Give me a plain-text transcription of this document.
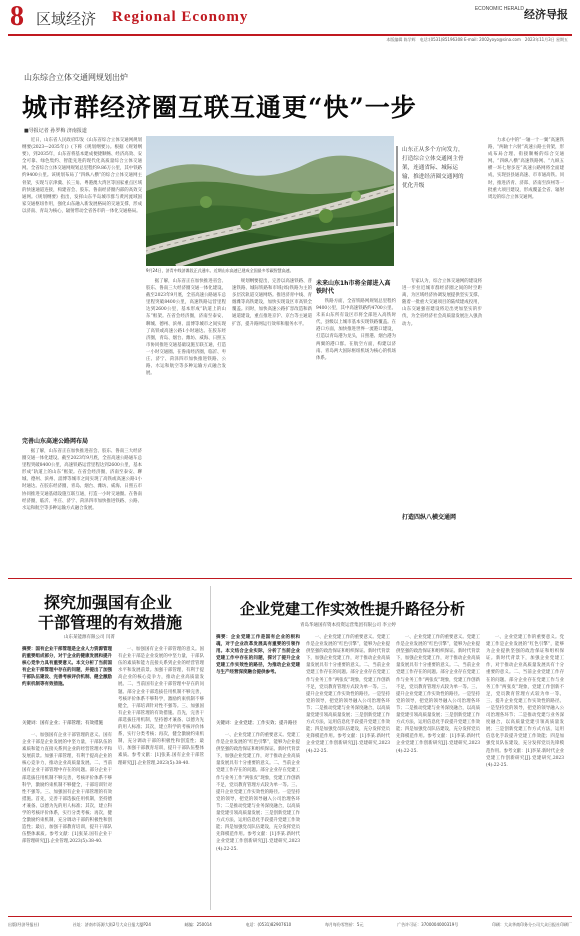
8 区域经济 Regional Economy	ECONOMIC HERALD 经济导报
本版编辑 陈学辉　电话:(0531)85196308 E-mail: 2002yoyo@sina.com　2023年11月3日 星期五
山东综合立体交通网规划出炉
城市群经济圈互联互通更“快”一步
■导报记者 孙罗梅 济南报道

近日，山东省人民政府印发《山东省综合立体交通网规划纲要(2023—2035年)》(下称《规划纲要》)。根据《规划纲要》，到2035年，山东省将基本建成便捷顺畅、经济高效、安全可靠、绿色集约、智能先进的现代化高质量综合立体交通网。全省综合立体交通网规划总里程约9.86万公里，其中铁路约9400公里。该规划布局了“四纵八横”的综合立体交通网主骨架，实现与京津冀、长三角、粤港澳大湾区等国家重点区域的快速通道连接，构建省会、胶东、鲁南经济圈内部的高效交通网。《规划纲要》指出，发挥山东半岛城市群与黄河流域国家交通枢纽作用，强化山东融入新发展格局的交通支撑，形成以济南、青岛为核心，辐射带动全省各市的一体化交通格局。

9月24日，济青中线济潍段正式通车。近期山东高速已建成全国最多零碳智慧高速。
山东正从多个方向发力，打造综合立体交通网主骨架，连通省际、城际运输，推进经济圈交通网的优化升级

据了解，山东省正在加快推进省会、胶东、鲁南三大经济圈交通一体化建设。截至2023年9月底，全省高速公路通车总里程突破8400公里，高速铁路运营里程达到2600公里，基本形成“轨道上的山东”框架。在省会经济圈，济南至泰安、聊城、德州、滨州、淄博等城市之间实现了高铁或高速公路1小时通达。在胶东经济圈，青岛、烟台、潍坊、威海、日照五市协同推进交通基础设施互联互通，打造一小时交通圈。在鲁南经济圈，临沂、枣庄、济宁、菏泽四市加快推进铁路、公路、水运和航空等多种运输方式融合发展。

规划纲要提出，完善以高速铁路、普速铁路、城际铁路和市域(郊)铁路为主的多层次轨道交通网络。推进济青中线、青烟潍等高铁建设，加快实现设区市高铁全覆盖。同时，加快高速公路扩容改造和新通道建设，重点推进京沪、京台等主通道扩容，提升路网运行效率和服务水平。

未来山东1h市将全部进入高铁时代

铁路方面，全省铁路网规划总里程约9400公里，其中高速铁路约4700公里。未来山东所有设区市将全部进入高铁时代，县级以上城市基本实现铁路覆盖。在港口方面，加快推进世界一流港口建设，打造以青岛港为龙头，日照港、烟台港为两翼的港口群。在航空方面，构建以济南、青岛两大国际枢纽机场为核心的机场体系。

专家认为，综合立体交通网的建设将进一步拉近城市群经济圈之间的时空距离，为区域经济协调发展提供坚实支撑。随着一批重大交通项目的陆续建成投用，山东交通强省建设将迈出更加坚实的步伐，为全省经济社会高质量发展注入强劲动力。

打造四纵八横交通网

力求心中的“一轴一十一翼”高速铁路，“两轴十六射”高速公路主骨架，形成布局合理、衔接顺畅的综合交通网。“四纵八横”高速铁路网、“九纵五横一环七射多连”高速公路网将全面建成，实现县县通高速、市市通高铁。同时，推进济青、济郑、济南至滨州等一批重大项目建设，形成覆盖全省、辐射周边的综合立体交通网。

完善山东高速公路网布局

据了解，山东省正在加快推进省会、胶东、鲁南三大经济圈交通一体化建设。截至2023年9月底，全省高速公路通车总里程突破8400公里，高速铁路运营里程达到2600公里，基本形成“轨道上的山东”框架。在省会经济圈，济南至泰安、聊城、德州、滨州、淄博等城市之间实现了高铁或高速公路1小时通达。在胶东经济圈，青岛、烟台、潍坊、威海、日照五市协同推进交通基础设施互联互通，打造一小时交通圈。在鲁南经济圈，临沂、枣庄、济宁、菏泽四市加快推进铁路、公路、水运和航空等多种运输方式融合发展。

探究加强国有企业
干部管理的有效措施
山东某能源有限公司 闫菁
摘要：国有企业干部管理是企业人力资源管理的重要组成部分，对于企业的健康发展和提升核心竞争力具有重要意义。本文分析了当前国有企业干部管理中存在的问题，并提出了加强干部队伍建设、完善考核评价机制、健全激励约束机制等有效措施。
关键词：国有企业；干部管理；有效措施

一、加强国有企业干部管理的意义。国有企业干部是企业发展的中坚力量，干部队伍的素质和能力直接关系到企业的经营管理水平和发展前景。加强干部管理，有利于提高企业的核心竞争力，推动企业高质量发展。二、当前国有企业干部管理中存在的问题。部分企业干部选拔任用机制不够完善，考核评价体系不够科学，激励约束机制不够健全，干部培训针对性不强等。三、加强国有企业干部管理的有效措施。首先，完善干部选拔任用机制，坚持德才兼备、以德为先的用人标准；其次，建立科学的考核评价体系，实行分类考核；再次，健全激励约束机制，充分调动干部的积极性和创造性；最后，加强干部教育培训，提升干部队伍整体素质。参考文献：[1]张某.国有企业干部管理研究[J].企业管理,2023(5):38-40.

一、加强国有企业干部管理的意义。国有企业干部是企业发展的中坚力量，干部队伍的素质和能力直接关系到企业的经营管理水平和发展前景。加强干部管理，有利于提高企业的核心竞争力，推动企业高质量发展。二、当前国有企业干部管理中存在的问题。部分企业干部选拔任用机制不够完善，考核评价体系不够科学，激励约束机制不够健全，干部培训针对性不强等。三、加强国有企业干部管理的有效措施。首先，完善干部选拔任用机制，坚持德才兼备、以德为先的用人标准；其次，建立科学的考核评价体系，实行分类考核；再次，健全激励约束机制，充分调动干部的积极性和创造性；最后，加强干部教育培训，提升干部队伍整体素质。参考文献：[1]张某.国有企业干部管理研究[J].企业管理,2023(5):38-40.

企业党建工作实效性提升路径分析
青岛华通国有资本投资运营集团有限公司 李立婷
摘要：企业党建工作是国有企业的根和魂，对于企业改革发展具有重要的引领作用。本文结合企业实际，分析了当前企业党建工作中存在的问题，探讨了提升企业党建工作实效性的路径，为推动企业党建与生产经营深度融合提供参考。
关键词：企业党建；工作实效；提升路径

一、企业党建工作的重要意义。党建工作是企业发展的“红色引擎”，能够为企业提供坚强的政治保证和组织保证。新时代背景下，加强企业党建工作，对于推动企业高质量发展具有十分重要的意义。二、当前企业党建工作存在的问题。部分企业存在党建工作与业务工作“两张皮”现象，党建工作创新不足，党员教育管理方式较为单一等。三、提升企业党建工作实效性的路径。一是坚持党的领导，把党的领导融入公司治理各环节；二是推动党建与业务深度融合，以高质量党建引领高质量发展；三是创新党建工作方式方法，运用信息化手段提升党建工作效能；四是加强党员队伍建设，充分发挥党员先锋模范作用。参考文献：[1]李某.新时代企业党建工作创新研究[J].党建研究,2023(4):22-25.

一、企业党建工作的重要意义。党建工作是企业发展的“红色引擎”，能够为企业提供坚强的政治保证和组织保证。新时代背景下，加强企业党建工作，对于推动企业高质量发展具有十分重要的意义。二、当前企业党建工作存在的问题。部分企业存在党建工作与业务工作“两张皮”现象，党建工作创新不足，党员教育管理方式较为单一等。三、提升企业党建工作实效性的路径。一是坚持党的领导，把党的领导融入公司治理各环节；二是推动党建与业务深度融合，以高质量党建引领高质量发展；三是创新党建工作方式方法，运用信息化手段提升党建工作效能；四是加强党员队伍建设，充分发挥党员先锋模范作用。参考文献：[1]李某.新时代企业党建工作创新研究[J].党建研究,2023(4):22-25.

一、企业党建工作的重要意义。党建工作是企业发展的“红色引擎”，能够为企业提供坚强的政治保证和组织保证。新时代背景下，加强企业党建工作，对于推动企业高质量发展具有十分重要的意义。二、当前企业党建工作存在的问题。部分企业存在党建工作与业务工作“两张皮”现象，党建工作创新不足，党员教育管理方式较为单一等。三、提升企业党建工作实效性的路径。一是坚持党的领导，把党的领导融入公司治理各环节；二是推动党建与业务深度融合，以高质量党建引领高质量发展；三是创新党建工作方式方法，运用信息化手段提升党建工作效能；四是加强党员队伍建设，充分发挥党员先锋模范作用。参考文献：[1]李某.新时代企业党建工作创新研究[J].党建研究,2023(4):22-25.

一、企业党建工作的重要意义。党建工作是企业发展的“红色引擎”，能够为企业提供坚强的政治保证和组织保证。新时代背景下，加强企业党建工作，对于推动企业高质量发展具有十分重要的意义。二、当前企业党建工作存在的问题。部分企业存在党建工作与业务工作“两张皮”现象，党建工作创新不足，党员教育管理方式较为单一等。三、提升企业党建工作实效性的路径。一是坚持党的领导，把党的领导融入公司治理各环节；二是推动党建与业务深度融合，以高质量党建引领高质量发展；三是创新党建工作方式方法，运用信息化手段提升党建工作效能；四是加强党员队伍建设，充分发挥党员先锋模范作用。参考文献：[1]李某.新时代企业党建工作创新研究[J].党建研究,2023(4):22-25.

出版(经济导报社)	社址：济南市泺源大街2号大众日报大厦P24	邮编：250014	电话：(0531)82907610	每月每份零售价：5元	广告许可证：3700004000319号	印刷：大众华商印务分公司大众日报社印刷厂
